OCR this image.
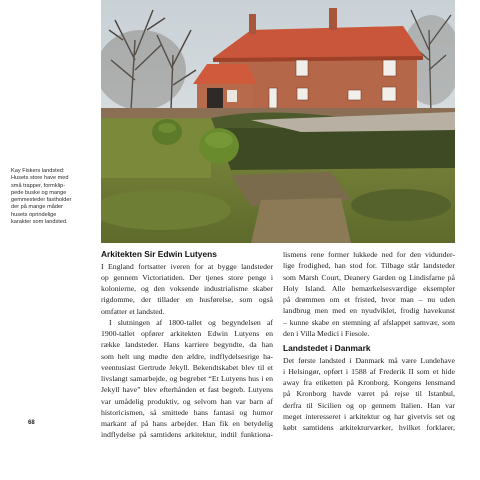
Kay Fiskers landsted:
Husets store have med
små trapper, formklip-
pede buske og mange
gemmesteder fastholder
der på mange måder
husets oprindelige
karakter som landsted.
Arkitekten Sir Edwin Lutyens
I England fortsatter iveren for at bygge landsteder
op gennem Victoriatiden. Der tjenes store penge i
kolonierne, og den voksende industrialisme skaber
rigdomme, der tillader en husførelse, som også
omfatter et landsted.
I slutningen af 1800-tallet og begyndelsen af
1900-tallet opfører arkitekten Edwin Lutyens en
række landsteder. Hans karriere begyndte, da han
som helt ung mødte den ældre, indflydelsesrige ha-
veentusiast Gertrude Jekyll. Bekendtskabet blev til et
livslangt samarbejde, og begrebet “Et Lutyens hus i en
Jekyll have” blev efterhånden et fast begreb. Lutyens
var umådelig produktiv, og selvom han var barn af
historicismen, så smittede hans fantasi og humor
markant af på hans arbejder. Han fik en betydelig
indflydelse på samtidens arkitektur, indtil funktiona-
lismens rene former lukkede ned for den vidunder-
lige frodighed, han stod for. Tilbage står landsteder
som Marsh Court, Deanery Garden og Lindisfarne på
Holy Island. Alle bemærkelsesværdige eksempler
på drømmen om et fristed, hvor man – nu uden
landbrug men med en nyudviklet, frodig havekunst
– kunne skabe en stemning af afslappet samvær, som
den i Villa Medici i Fiesole.
Landstedet i Danmark
Det første landsted i Danmark må være Lundehave
i Helsingør, opført i 1588 af Frederik II som et hide
away fra etiketten på Kronborg. Kongens lensmand
på Kronborg havde været på rejse til Istanbul,
derfra til Sicilien og op gennem Italien. Han var
meget interesseret i arkitektur og har givetvis set og
købt samtidens arkitekturværker, hvilket forklarer,
68
